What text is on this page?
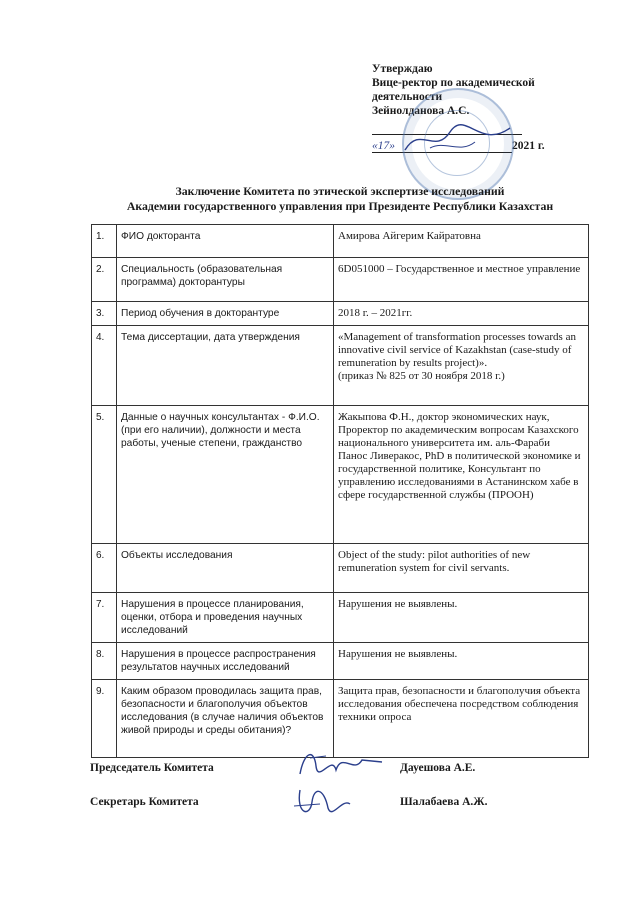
Утверждаю
Вице-ректор по академической
деятельности
Зейнолданова А.С.
«17»	2021 г.
Заключение Комитета по этической экспертизе исследований
Академии государственного управления при Президенте Республики Казахстан
1.	ФИО докторанта	Амирова Айгерим Кайратовна
2.	Специальность (образовательная программа) докторантуры	6D051000 – Государственное и местное управление
3.	Период обучения в докторантуре	2018 г. – 2021гг.
4.	Тема диссертации, дата утверждения	«Management of transformation processes towards an innovative civil service of Kazakhstan (case-study of remuneration by results project)».
(приказ № 825 от 30 ноября 2018 г.)

5.	Данные о научных консультантах - Ф.И.О. (при его наличии), должности и места работы, ученые степени, гражданство	Жакыпова Ф.Н., доктор экономических наук, Проректор по академическим вопросам Казахского национального университета им. аль-Фараби
Панос Ливеракос, PhD в политической экономике и государственной политике, Консультант по управлению исследованиями в Астанинском хабе в сфере государственной службы (ПРООН)

6.	Объекты исследования	Object of the study: pilot authorities of new remuneration system for civil servants.
7.	Нарушения в процессе планирования, оценки, отбора и проведения научных исследований	Нарушения не выявлены.
8.	Нарушения в процессе распространения результатов научных исследований	Нарушения не выявлены.
9.	Каким образом проводилась защита прав, безопасности и благополучия объектов исследования (в случае наличия объектов живой природы и среды обитания)?	Защита прав, безопасности и благополучия объекта исследования обеспечена посредством соблюдения техники опроса
Председатель Комитета	Дауешова А.Е.
Секретарь Комитета	Шалабаева А.Ж.
